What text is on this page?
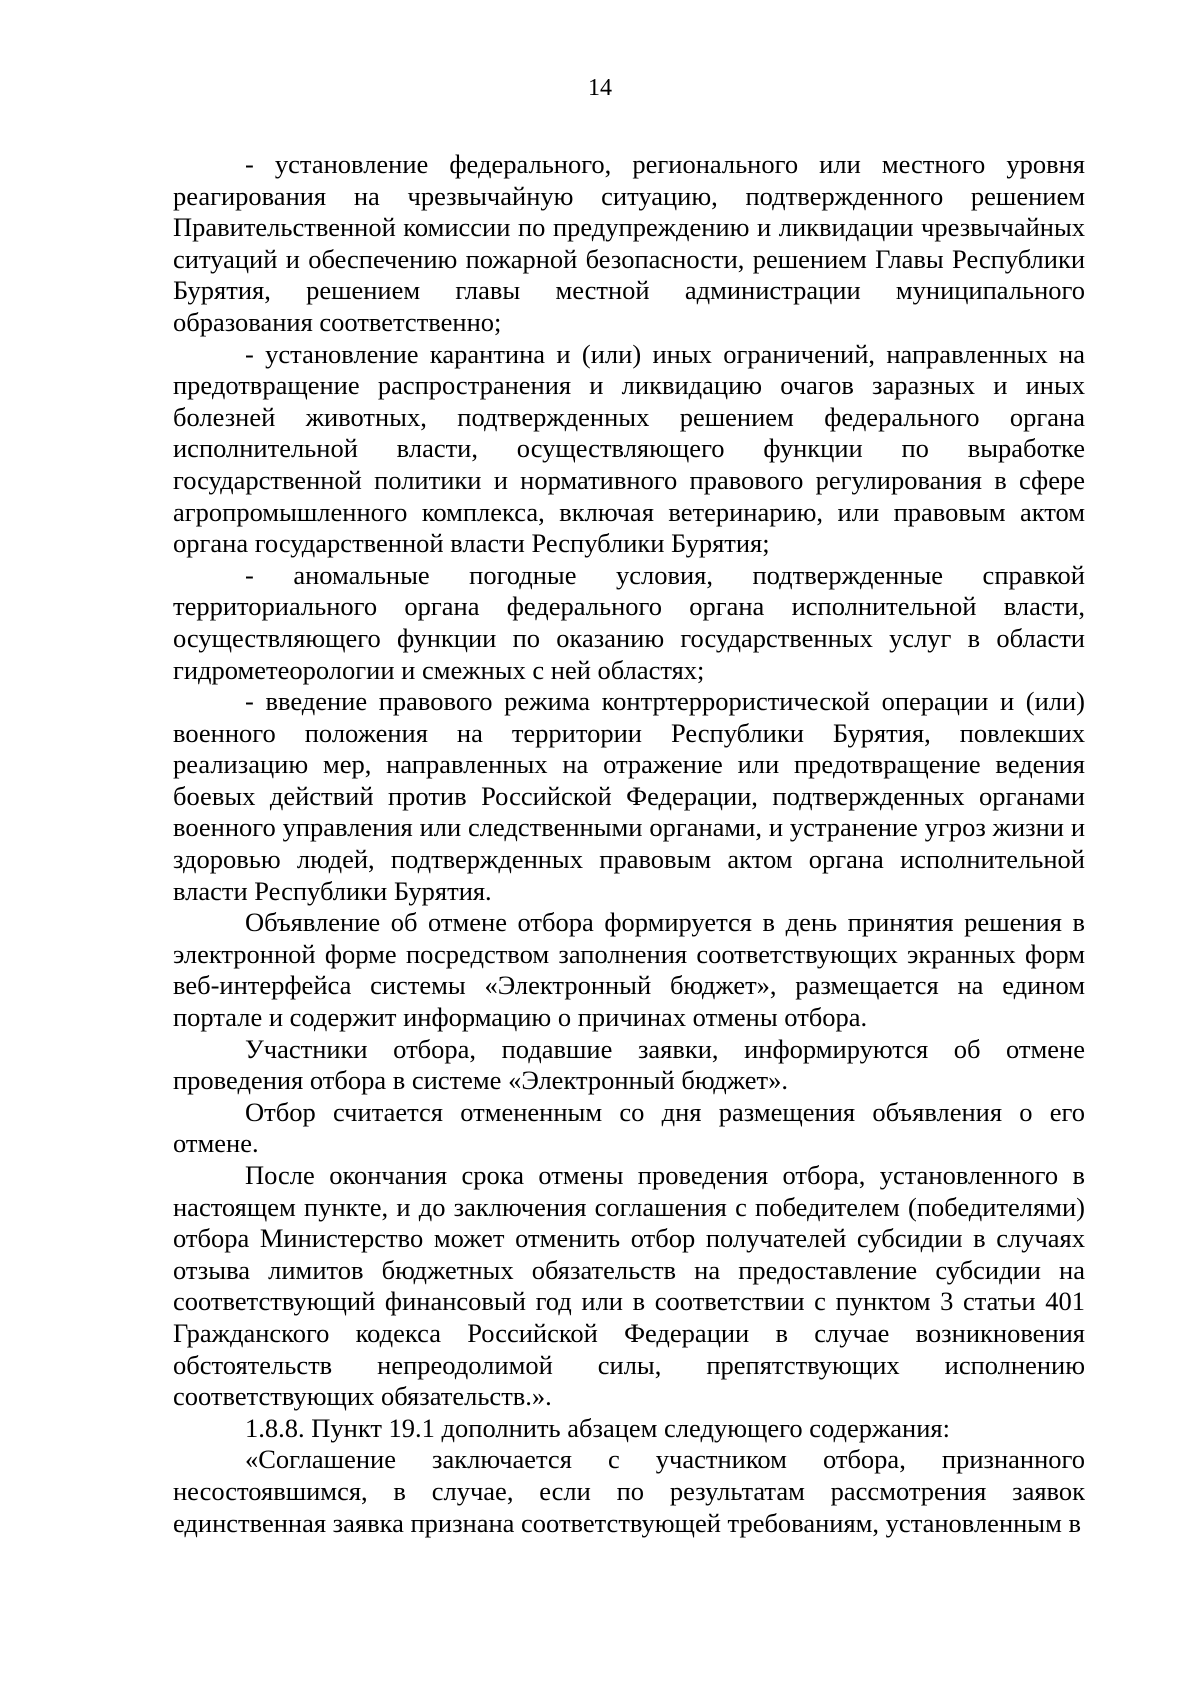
14

- установление федерального, регионального или местного уровня реагирования на чрезвычайную ситуацию, подтвержденного решением Правительственной комиссии по предупреждению и ликвидации чрезвычайных ситуаций и обеспечению пожарной безопасности, решением Главы Республики Бурятия, решением главы местной администрации муниципального образования соответственно;

- установление карантина и (или) иных ограничений, направленных на предотвращение распространения и ликвидацию очагов заразных и иных болезней животных, подтвержденных решением федерального органа исполнительной власти, осуществляющего функции по выработке государственной политики и нормативного правового регулирования в сфере агропромышленного комплекса, включая ветеринарию, или правовым актом органа государственной власти Республики Бурятия;

- аномальные погодные условия, подтвержденные справкой территориального органа федерального органа исполнительной власти, осуществляющего функции по оказанию государственных услуг в области гидрометеорологии и смежных с ней областях;

- введение правового режима контртеррористической операции и (или) военного положения на территории Республики Бурятия, повлекших реализацию мер, направленных на отражение или предотвращение ведения боевых действий против Российской Федерации, подтвержденных органами военного управления или следственными органами, и устранение угроз жизни и здоровью людей, подтвержденных правовым актом органа исполнительной власти Республики Бурятия.

Объявление об отмене отбора формируется в день принятия решения в электронной форме посредством заполнения соответствующих экранных форм веб-интерфейса системы «Электронный бюджет», размещается на едином портале и содержит информацию о причинах отмены отбора.

Участники отбора, подавшие заявки, информируются об отмене проведения отбора в системе «Электронный бюджет».

Отбор считается отмененным со дня размещения объявления о его отмене.

После окончания срока отмены проведения отбора, установленного в настоящем пункте, и до заключения соглашения с победителем (победителями) отбора Министерство может отменить отбор получателей субсидии в случаях отзыва лимитов бюджетных обязательств на предоставление субсидии на соответствующий финансовый год или в соответствии с пунктом 3 статьи 401 Гражданского кодекса Российской Федерации в случае возникновения обстоятельств непреодолимой силы, препятствующих исполнению соответствующих обязательств.».

1.8.8. Пункт 19.1 дополнить абзацем следующего содержания:

«Соглашение заключается с участником отбора, признанного несостоявшимся, в случае, если по результатам рассмотрения заявок единственная заявка признана соответствующей требованиям, установленным в
